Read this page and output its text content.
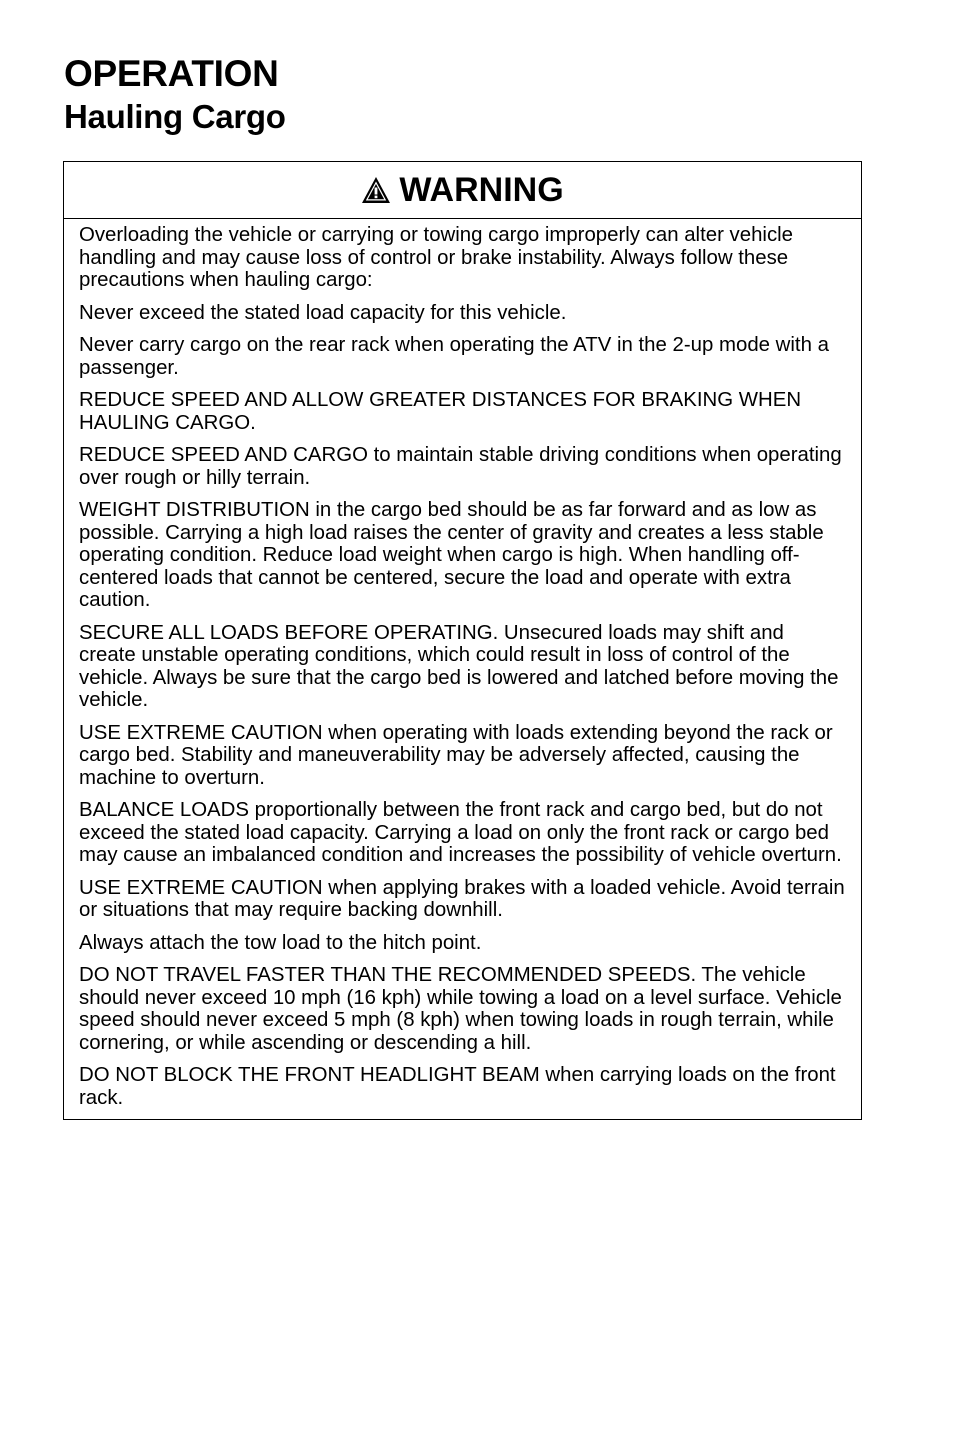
OPERATION
Hauling Cargo
WARNING

Overloading the vehicle or carrying or towing cargo improperly can alter vehicle handling and may cause loss of control or brake instability. Always follow these precautions when hauling cargo:

Never exceed the stated load capacity for this vehicle.

Never carry cargo on the rear rack when operating the ATV in the 2-up mode with a passenger.

REDUCE SPEED AND ALLOW GREATER DISTANCES FOR BRAKING WHEN HAULING CARGO.

REDUCE SPEED AND CARGO to maintain stable driving conditions when operating over rough or hilly terrain.

WEIGHT DISTRIBUTION in the cargo bed should be as far forward and as low as possible. Carrying a high load raises the center of gravity and creates a less stable operating condition. Reduce load weight when cargo is high. When handling off-centered loads that cannot be centered, secure the load and operate with extra caution.

SECURE ALL LOADS BEFORE OPERATING. Unsecured loads may shift and create unstable operating conditions, which could result in loss of control of the vehicle. Always be sure that the cargo bed is lowered and latched before moving the vehicle.

USE EXTREME CAUTION when operating with loads extending beyond the rack or cargo bed. Stability and maneuverability may be adversely affected, causing the machine to overturn.

BALANCE LOADS proportionally between the front rack and cargo bed, but do not exceed the stated load capacity. Carrying a load on only the front rack or cargo bed may cause an imbalanced condition and increases the possibility of vehicle overturn.

USE EXTREME CAUTION when applying brakes with a loaded vehicle. Avoid terrain or situations that may require backing downhill.

Always attach the tow load to the hitch point.

DO NOT TRAVEL FASTER THAN THE RECOMMENDED SPEEDS. The vehicle should never exceed 10 mph (16 kph) while towing a load on a level surface. Vehicle speed should never exceed 5 mph (8 kph) when towing loads in rough terrain, while cornering, or while ascending or descending a hill.

DO NOT BLOCK THE FRONT HEADLIGHT BEAM when carrying loads on the front rack.
